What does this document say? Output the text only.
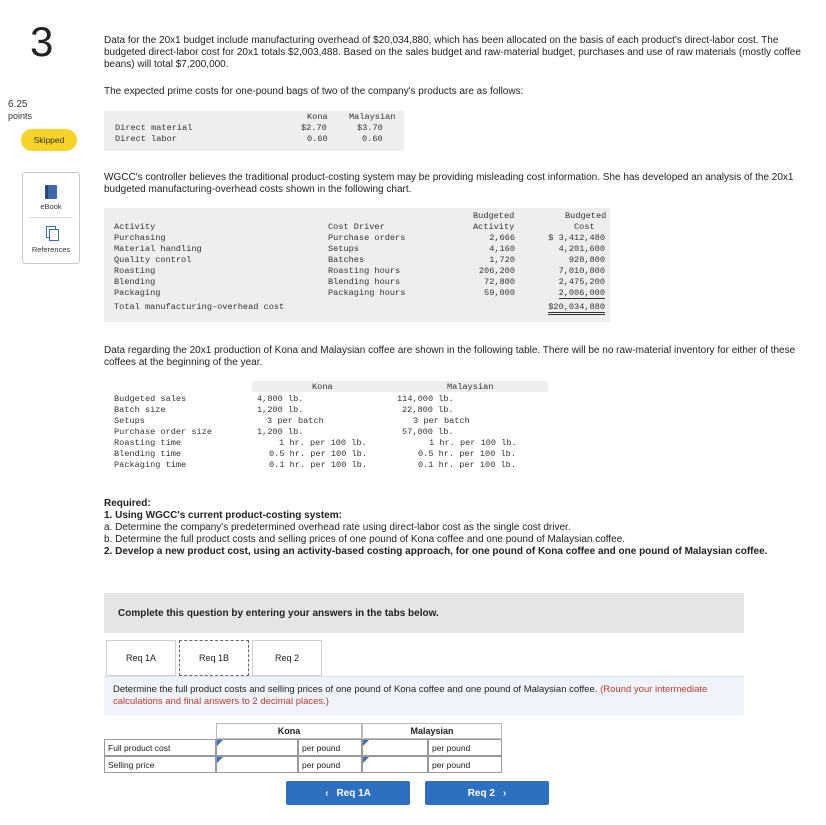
3
6.25
points
Skipped
eBook
References
Data for the 20x1 budget include manufacturing overhead of $20,034,880, which has been allocated on the basis of each product's direct-labor cost. The budgeted direct-labor cost for 20x1 totals $2,003,488. Based on the sales budget and raw-material budget, purchases and use of raw materials (mostly coffee beans) will total $7,200,000.
The expected prime costs for one-pound bags of two of the company's products are as follows:
Kona Malaysian
Direct material	$2.70	$3.70
Direct labor	0.60	0.60
WGCC's controller believes the traditional product-costing system may be providing misleading cost information. She has developed an analysis of the 20x1 budgeted manufacturing-overhead costs shown in the following chart.
Budgeted	Budgeted
Activity	Cost Driver	Activity	Cost
Purchasing	Purchase orders	2,666	$ 3,412,480
Material handling	Setups	4,160	4,201,600
Quality control	Batches	1,720	928,800
Roasting	Roasting hours	206,200	7,010,800
Blending	Blending hours	72,800	2,475,200
Packaging	Packaging hours	59,000	2,006,000
Total manufacturing-overhead cost	$20,034,880
Data regarding the 20x1 production of Kona and Malaysian coffee are shown in the following table. There will be no raw-material inventory for either of these coffees at the beginning of the year.
Kona	Malaysian
Budgeted sales	4,800 lb.	114,000 lb.
Batch size	1,200 lb.	22,800 lb.
Setups	3 per batch	3 per batch
Purchase order size	1,200 lb.	57,000 lb.
Roasting time	1 hr. per 100 lb.	1 hr. per 100 lb.
Blending time	0.5 hr. per 100 lb.	0.5 hr. per 100 lb.
Packaging time	0.1 hr. per 100 lb.	0.1 hr. per 100 lb.
Required:
1. Using WGCC's current product-costing system:
a. Determine the company's predetermined overhead rate using direct-labor cost as the single cost driver.
b. Determine the full product costs and selling prices of one pound of Kona coffee and one pound of Malaysian coffee.
2. Develop a new product cost, using an activity-based costing approach, for one pound of Kona coffee and one pound of Malaysian coffee.
Complete this question by entering your answers in the tabs below.
Req 1A	Req 1B	Req 2
Determine the full product costs and selling prices of one pound of Kona coffee and one pound of Malaysian coffee. (Round your intermediate calculations and final answers to 2 decimal places.)
Kona	Malaysian
Full product cost	per pound	per pound
Selling price	per pound	per pound
‹ Req 1A	Req 2 ›
